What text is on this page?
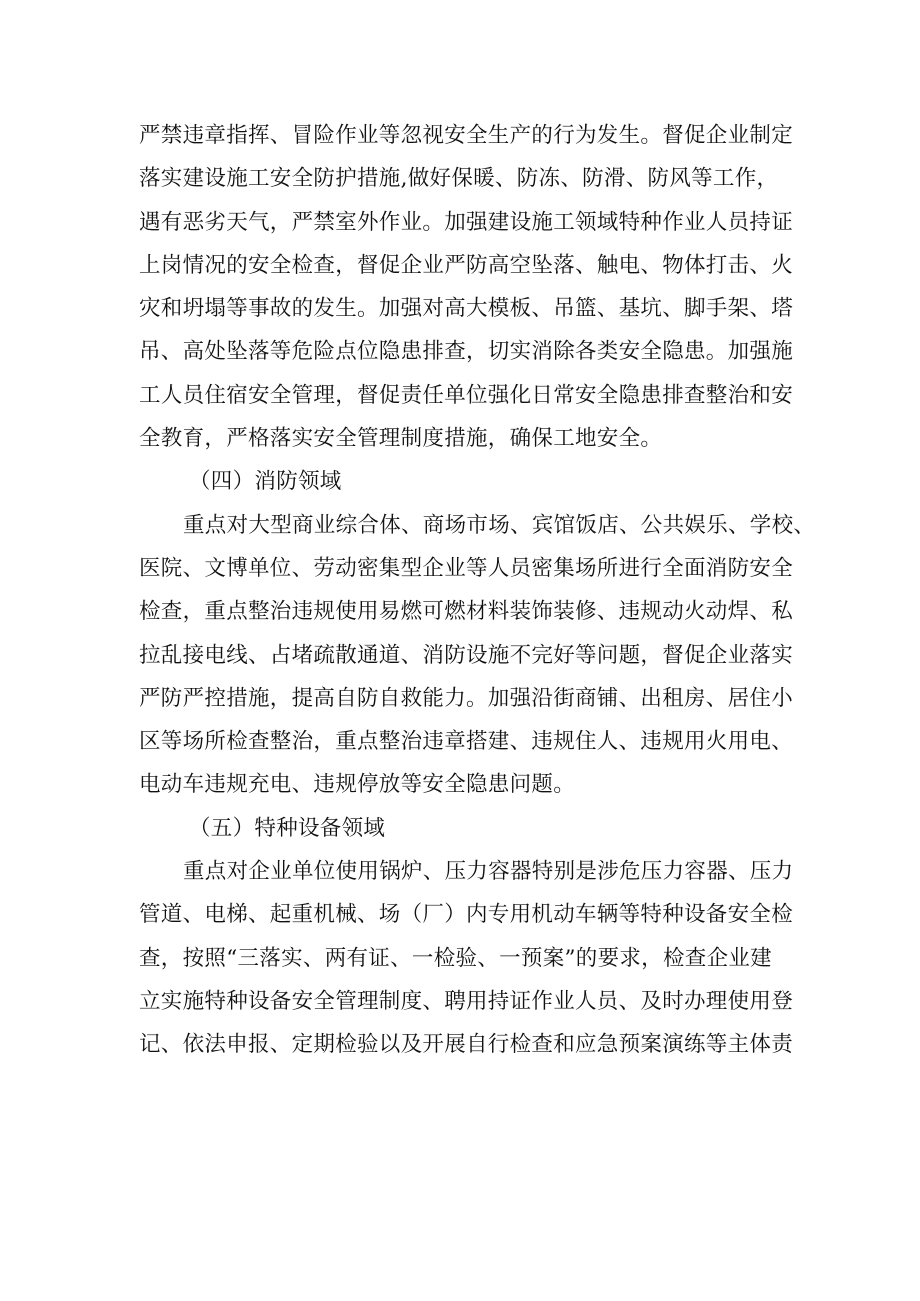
严禁违章指挥、冒险作业等忽视安全生产的行为发生。督促企业制定
落实建设施工安全防护措施,做好保暖、防冻、防滑、防风等工作，
遇有恶劣天气，严禁室外作业。加强建设施工领域特种作业人员持证
上岗情况的安全检查，督促企业严防高空坠落、触电、物体打击、火
灾和坍塌等事故的发生。加强对高大模板、吊篮、基坑、脚手架、塔
吊、高处坠落等危险点位隐患排查，切实消除各类安全隐患。加强施
工人员住宿安全管理，督促责任单位强化日常安全隐患排查整治和安
全教育，严格落实安全管理制度措施，确保工地安全。
（四）消防领域
重点对大型商业综合体、商场市场、宾馆饭店、公共娱乐、学校、
医院、文博单位、劳动密集型企业等人员密集场所进行全面消防安全
检查，重点整治违规使用易燃可燃材料装饰装修、违规动火动焊、私
拉乱接电线、占堵疏散通道、消防设施不完好等问题，督促企业落实
严防严控措施，提高自防自救能力。加强沿街商铺、出租房、居住小
区等场所检查整治，重点整治违章搭建、违规住人、违规用火用电、
电动车违规充电、违规停放等安全隐患问题。
（五）特种设备领域
重点对企业单位使用锅炉、压力容器特别是涉危压力容器、压力
管道、电梯、起重机械、场（厂）内专用机动车辆等特种设备安全检
查，按照“三落实、两有证、一检验、一预案”的要求，检查企业建
立实施特种设备安全管理制度、聘用持证作业人员、及时办理使用登
记、依法申报、定期检验以及开展自行检查和应急预案演练等主体责
